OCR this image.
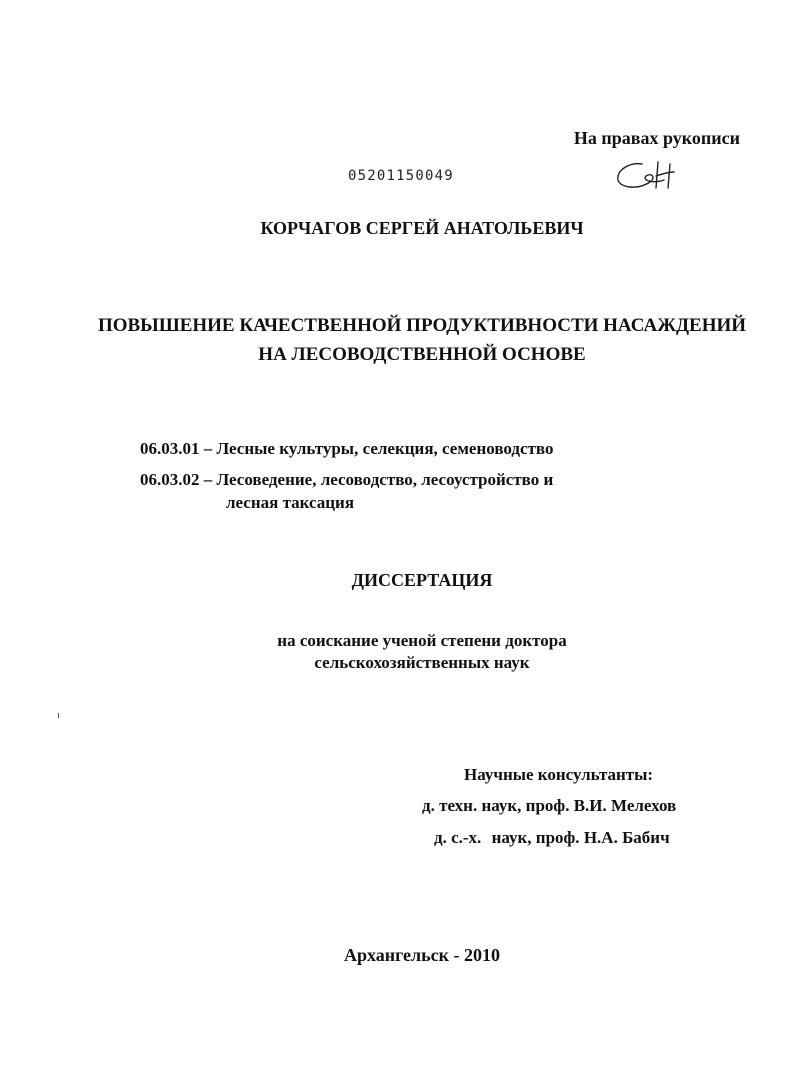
На правах рукописи
05201150049
КОРЧАГОВ СЕРГЕЙ АНАТОЛЬЕВИЧ
ПОВЫШЕНИЕ КАЧЕСТВЕННОЙ ПРОДУКТИВНОСТИ НАСАЖДЕНИЙ
НА ЛЕСОВОДСТВЕННОЙ ОСНОВЕ
06.03.01 – Лесные культуры, селекция, семеноводство
06.03.02 – Лесоведение, лесоводство, лесоустройство и
лесная таксация
ДИССЕРТАЦИЯ
на соискание ученой степени доктора
сельскохозяйственных наук
Научные консультанты:
д. техн. наук, проф. В.И. Мелехов
д. с.-х. наук, проф. Н.А. Бабич
Архангельск - 2010
